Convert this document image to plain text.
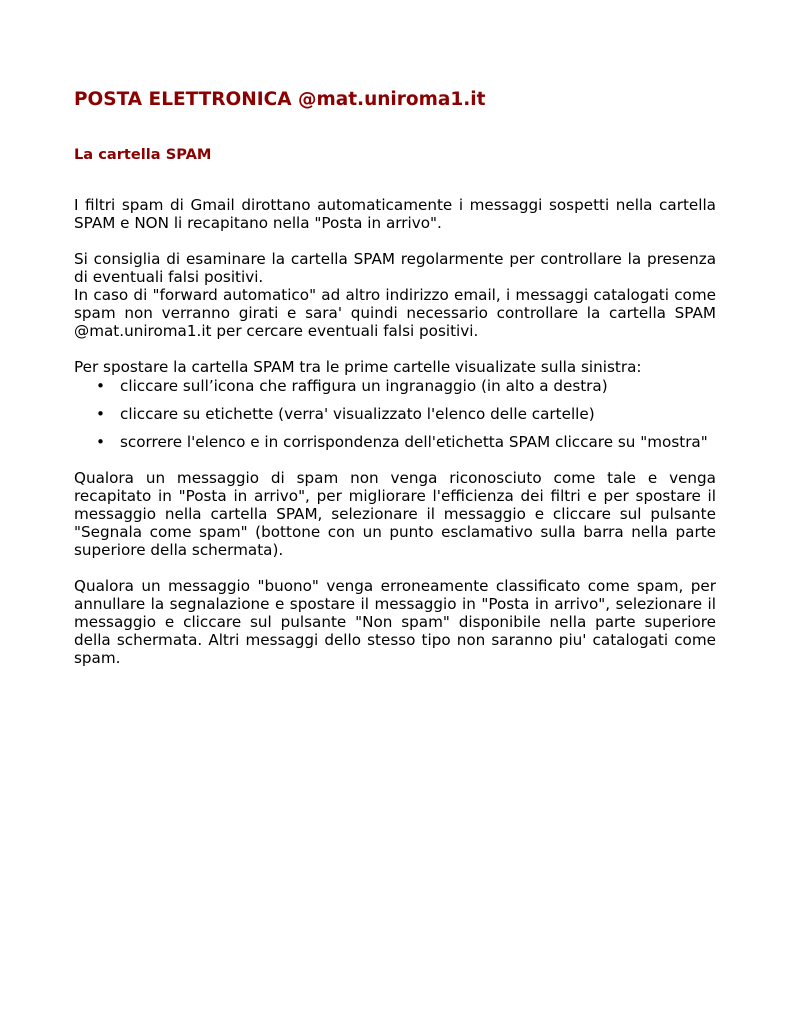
POSTA ELETTRONICA @mat.uniroma1.it
La cartella SPAM

I filtri spam di Gmail dirottano automaticamente i messaggi sospetti nella cartella SPAM e NON li recapitano nella "Posta in arrivo".

Si consiglia di esaminare la cartella SPAM regolarmente per controllare la presenza di eventuali falsi positivi.

In caso di "forward automatico" ad altro indirizzo email, i messaggi catalogati come spam non verranno girati e sara' quindi necessario controllare la cartella SPAM @mat.uniroma1.it per cercare eventuali falsi positivi.

Per spostare la cartella SPAM tra le prime cartelle visualizate sulla sinistra:

• cliccare sull’icona che raffigura un ingranaggio (in alto a destra)
• cliccare su etichette (verra' visualizzato l'elenco delle cartelle)
• scorrere l'elenco e in corrispondenza dell'etichetta SPAM cliccare su "mostra"

Qualora un messaggio di spam non venga riconosciuto come tale e venga recapitato in "Posta in arrivo", per migliorare l'efficienza dei filtri e per spostare il messaggio nella cartella SPAM, selezionare il messaggio e cliccare sul pulsante "Segnala come spam" (bottone con un punto esclamativo sulla barra nella parte superiore della schermata).

Qualora un messaggio "buono" venga erroneamente classificato come spam, per annullare la segnalazione e spostare il messaggio in "Posta in arrivo", selezionare il messaggio e cliccare sul pulsante "Non spam" disponibile nella parte superiore della schermata. Altri messaggi dello stesso tipo non saranno piu' catalogati come spam.
